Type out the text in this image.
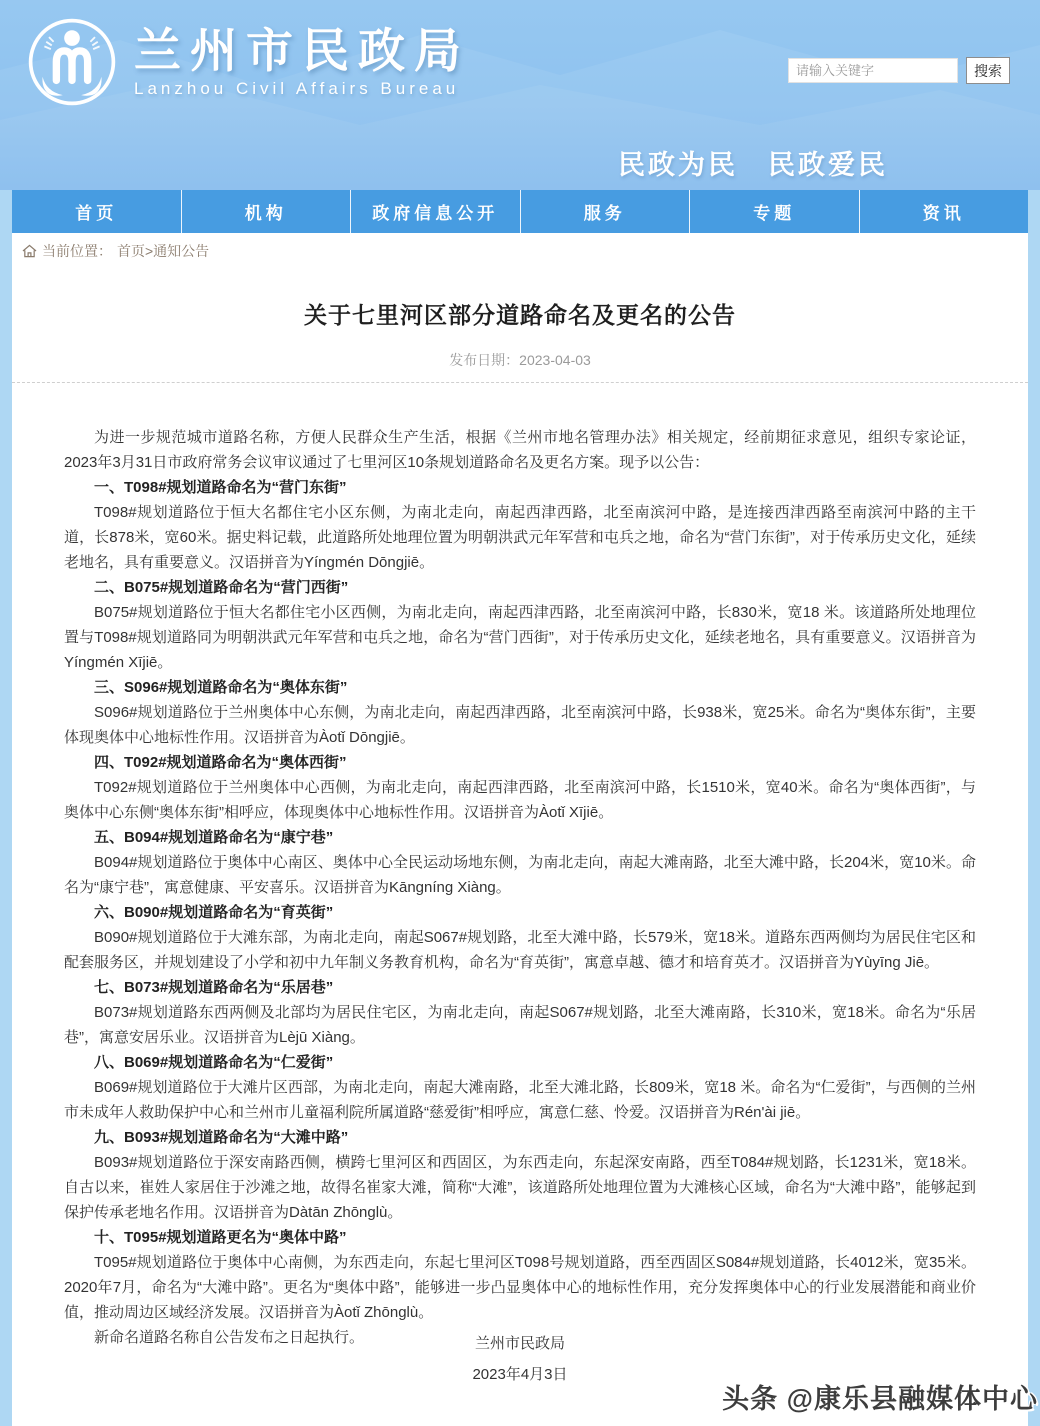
兰州市民政局
Lanzhou Civil Affairs Bureau
请输入关键字
搜索
民政为民　民政爱民
首页	机构	政府信息公开	服务	专题	资讯
当前位置： 首页>通知公告
关于七里河区部分道路命名及更名的公告
发布日期：2023-04-03

为进一步规范城市道路名称，方便人民群众生产生活，根据《兰州市地名管理办法》相关规定，经前期征求意见，组织专家论证，2023年3月31日市政府常务会议审议通过了七里河区10条规划道路命名及更名方案。现予以公告：

一、T098#规划道路命名为“营门东街”

T098#规划道路位于恒大名都住宅小区东侧，为南北走向，南起西津西路，北至南滨河中路，是连接西津西路至南滨河中路的主干道，长878米，宽60米。据史料记载，此道路所处地理位置为明朝洪武元年军营和屯兵之地，命名为“营门东街”，对于传承历史文化，延续老地名，具有重要意义。汉语拼音为Yíngmén Dōngjiē。

二、B075#规划道路命名为“营门西街”

B075#规划道路位于恒大名都住宅小区西侧，为南北走向，南起西津西路，北至南滨河中路，长830米，宽18 米。该道路所处地理位置与T098#规划道路同为明朝洪武元年军营和屯兵之地，命名为“营门西街”，对于传承历史文化，延续老地名，具有重要意义。汉语拼音为Yíngmén Xījiē。

三、S096#规划道路命名为“奥体东街”

S096#规划道路位于兰州奥体中心东侧，为南北走向，南起西津西路，北至南滨河中路，长938米，宽25米。命名为“奥体东街”，主要体现奥体中心地标性作用。汉语拼音为Àotǐ Dōngjiē。

四、T092#规划道路命名为“奥体西街”

T092#规划道路位于兰州奥体中心西侧，为南北走向，南起西津西路，北至南滨河中路，长1510米，宽40米。命名为“奥体西街”，与奥体中心东侧“奥体东街”相呼应，体现奥体中心地标性作用。汉语拼音为Àotǐ Xījiē。

五、B094#规划道路命名为“康宁巷”

B094#规划道路位于奥体中心南区、奥体中心全民运动场地东侧，为南北走向，南起大滩南路，北至大滩中路，长204米，宽10米。命名为“康宁巷”，寓意健康、平安喜乐。汉语拼音为Kāngníng Xiàng。

六、B090#规划道路命名为“育英街”

B090#规划道路位于大滩东部，为南北走向，南起S067#规划路，北至大滩中路，长579米，宽18米。道路东西两侧均为居民住宅区和配套服务区，并规划建设了小学和初中九年制义务教育机构，命名为“育英街”，寓意卓越、德才和培育英才。汉语拼音为Yùyīng Jiē。

七、B073#规划道路命名为“乐居巷”

B073#规划道路东西两侧及北部均为居民住宅区，为南北走向，南起S067#规划路，北至大滩南路，长310米，宽18米。命名为“乐居巷”，寓意安居乐业。汉语拼音为Lèjū Xiàng。

八、B069#规划道路命名为“仁爱街”

B069#规划道路位于大滩片区西部，为南北走向，南起大滩南路，北至大滩北路，长809米，宽18 米。命名为“仁爱街”，与西侧的兰州市未成年人救助保护中心和兰州市儿童福利院所属道路“慈爱街”相呼应，寓意仁慈、怜爱。汉语拼音为Rén'ài jiē。

九、B093#规划道路命名为“大滩中路”

B093#规划道路位于深安南路西侧，横跨七里河区和西固区，为东西走向，东起深安南路，西至T084#规划路，长1231米，宽18米。自古以来，崔姓人家居住于沙滩之地，故得名崔家大滩，简称“大滩”，该道路所处地理位置为大滩核心区域，命名为“大滩中路”，能够起到保护传承老地名作用。汉语拼音为Dàtān Zhōnglù。

十、T095#规划道路更名为“奥体中路”

T095#规划道路位于奥体中心南侧，为东西走向，东起七里河区T098号规划道路，西至西固区S084#规划道路，长4012米，宽35米。2020年7月，命名为“大滩中路”。更名为“奥体中路”，能够进一步凸显奥体中心的地标性作用，充分发挥奥体中心的行业发展潜能和商业价值，推动周边区域经济发展。汉语拼音为Àotǐ Zhōnglù。

新命名道路名称自公告发布之日起执行。	兰州市民政局
2023年4月3日
头条 @康乐县融媒体中心
